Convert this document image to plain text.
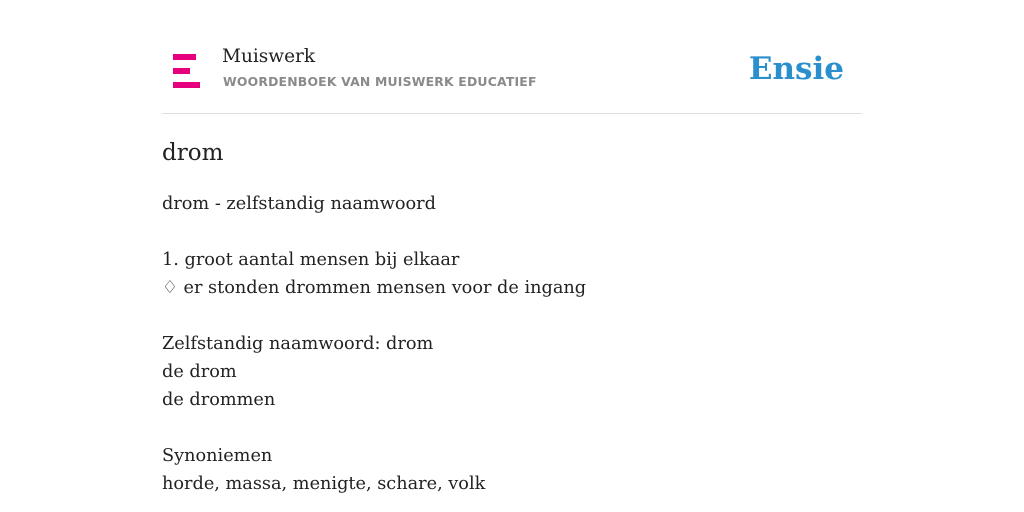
Muiswerk
WOORDENBOEK VAN MUISWERK EDUCATIEF	Ensie
drom
drom - zelfstandig naamwoord
1. groot aantal mensen bij elkaar
♢ er stonden drommen mensen voor de ingang
Zelfstandig naamwoord: drom
de drom
de drommen
Synoniemen
horde, massa, menigte, schare, volk
